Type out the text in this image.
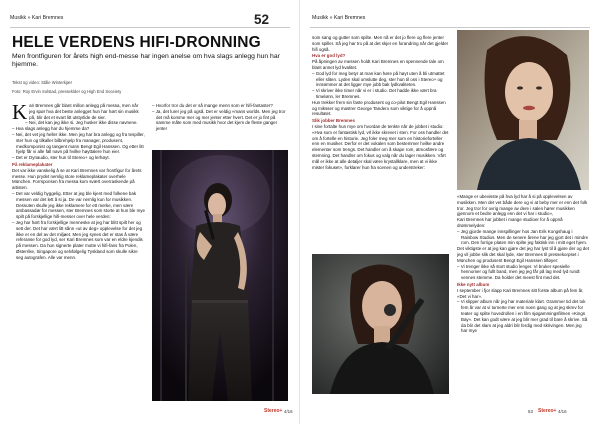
Musikk » Kari Bremnes	52
HELE VERDENS HIFI-DRONNING
Men frontfiguren for årets high end-messe har ingen anelse om hva slags anlegg hun har hjemme.
Tekst og video: Ståle Winterkjær
Foto: Roy Ervin Solstad, presseklder og High End Soceiety

Kari Bremnes går blant millon anlegg på messa, men når jeg spør hva det beste anlegget hun har hørt sin musikk på, blir det et svart litt utstyrlide de sier.

– Nei, det kan jeg ikke si. Jeg husker ikke disse navnene.

– Hva slags anlegg har du hjemme da?

– Nei, det vet jeg heller ikke. Men jeg har bra anlegg og fra tespiller, ster hun og tilkaller bilbrehjelp fra manager, produsent, medkomponist og tangent mann Bengt Egil Hanssen. Og etter litt hjelp får vi alle fall navn på hvilke høyttalere hun eier.

– Det er Dynaudio, ster hun til Stereo+ og lerhøyt.

På reklameplakater

Det var ikke vanskelig å se at Kari Bremnes var frontfigur for årets messe. Hun prydet nemlig store reklameplakater overhele München. Forrsponsen fra messa kom svært overraskende på artisten.

– Det var veldig hyggelig. Etter at jeg ble kjent med folkene bak messen var det lett å si ja. De var nemlig kun for musikken. Dessuten skulle jeg ikke reklamere for ett merke, men være ambassadør for messen, ster Bremnes som storte at hun ble mye spilt på forskjellige hifi-messer over hele verden:

– Jeg har hørt fra forskjellige menneske at jeg har blitt spilt her og sett der. Det har vært litt sånn «ut av deg» opplevelse for det jeg ikke er en del av det miljøet. Men jeg synes det er stas å være referanse for god lyd, ser Kari Bremnes som var en eldre kjendis på messen. Da hun signerte plater motte vi hifi-fans fra Polen, Østerrike, Singapore og selvfølgelig Tyskland som skulle sikre seg autografen. Alle var menn.

– Hvorfor tror du det er så mange menn som er hifi-fantaster?

– Ja, det lurer jeg på også. Det er veldig «mans worlds. Men jeg tror det må komme mer og mer jenter etter hvert. Det er jo fint på samme måte som med musikk hvor det kjem de fleste ganger jenter

Stereo+ 4/16
Musikk » Kari Bremnes

som sang og gutter som spilte. Men nå er det jo flere og flere jenter som spiller. Så jeg har tro på at det skjer en forandring når det gjelder hifi også.

Hva er god lyd?

På åpningen av messen holdt Kari Bremnes en spennende tale om blant annet lyd kvalitet.

– God lyd for meg betyr at man kan høre på høyt uten å bli utmattet eller sliten. Lyden skal omslutte deg, ster hun til oss i Stereo+ og innrømmer at det ligger mye jobb bak lydkvaliteten.

– Vi skriver ikke timer når vi er i studio. Det hadde ikke vært bra timelønn, ler Bremnes.

Hun trekker frem sin faste produsent og co-pilot Bengt Egil Hanssen og miksser og mastrer George Tandero som viktige for å oppnå resultatet.

Slik jobber Bremnes

I sine fortalte hun mye om hvordan de tenkte når de jobbet i studio:

«Hva som er fantastisk lyd, vrl ikke skrevet i sten. For oss handler det om å fortelle en historie. Jeg foler meg mer som en historieforteller enn en musiker. Derfor er det vokalen som bestemmer hvilke andre elementer som trengs. Det handler om å skape rom, atmosfære og stemning. Det handler om fokus og valg når du lager musikken. Vårt mål er ikke at alle detaljer skal være krystallklare, men at vi ikke mister fokuset», forklarer hun fra scenen og understreker:

«Mange er ubevisste på hva lyd har å si på opplevelsen av musikken. Men det vet både dere og vi at beby mer er enn det folk tror. Jeg tror for ovrig mange av dere i salen hører musikken gjennom et bedre anlegg enn det vi har i studio»,

Kari Bremnes har jobbet i mange studioer for å oppnå drømmelyden:

– Jeg gjorde mange innspillinger hos Jan Erik Kongshaug i Rainbow Studios. Men de senere årene har jeg gjort det i mindre rom. Den forrige platen min spilte jeg faktisk inn i mitt eget hjem.

Det viktigste er at jeg kan gjøre det jeg har lyst til å gjøre der og det jeg vil jobbe slik det skal lyde, ster Bremnes til pressekorpset i München og produsent Bengt Egil Hanssen tilføyer:

– Vi trenger ikke så stort studio lenger. Vi bruker spesielle hennomer og fullt band, men jeg jeg får på lag med lyd rundt vennes stemme. Da holder det meest fint med det.

Ikke nytt album

I september i fjor slapp Kari Bremnes sitt forste album på fem år, «Det vi har».

– Vi slipper album når jeg har materiale klart. Grammer tid det tok fem år var at vi turnerte mer enn noen gang og at jeg skrev for teater og spilte hovedrollen i en film sjøgammingsfilmen «Kings Bay». Det kan godt være at jeg blir mer grad til bare å skrive. Så da blir det slam at jeg aldri blir ferdig med skrivingen. Men jeg har mye

Stereo+
53	4/16
